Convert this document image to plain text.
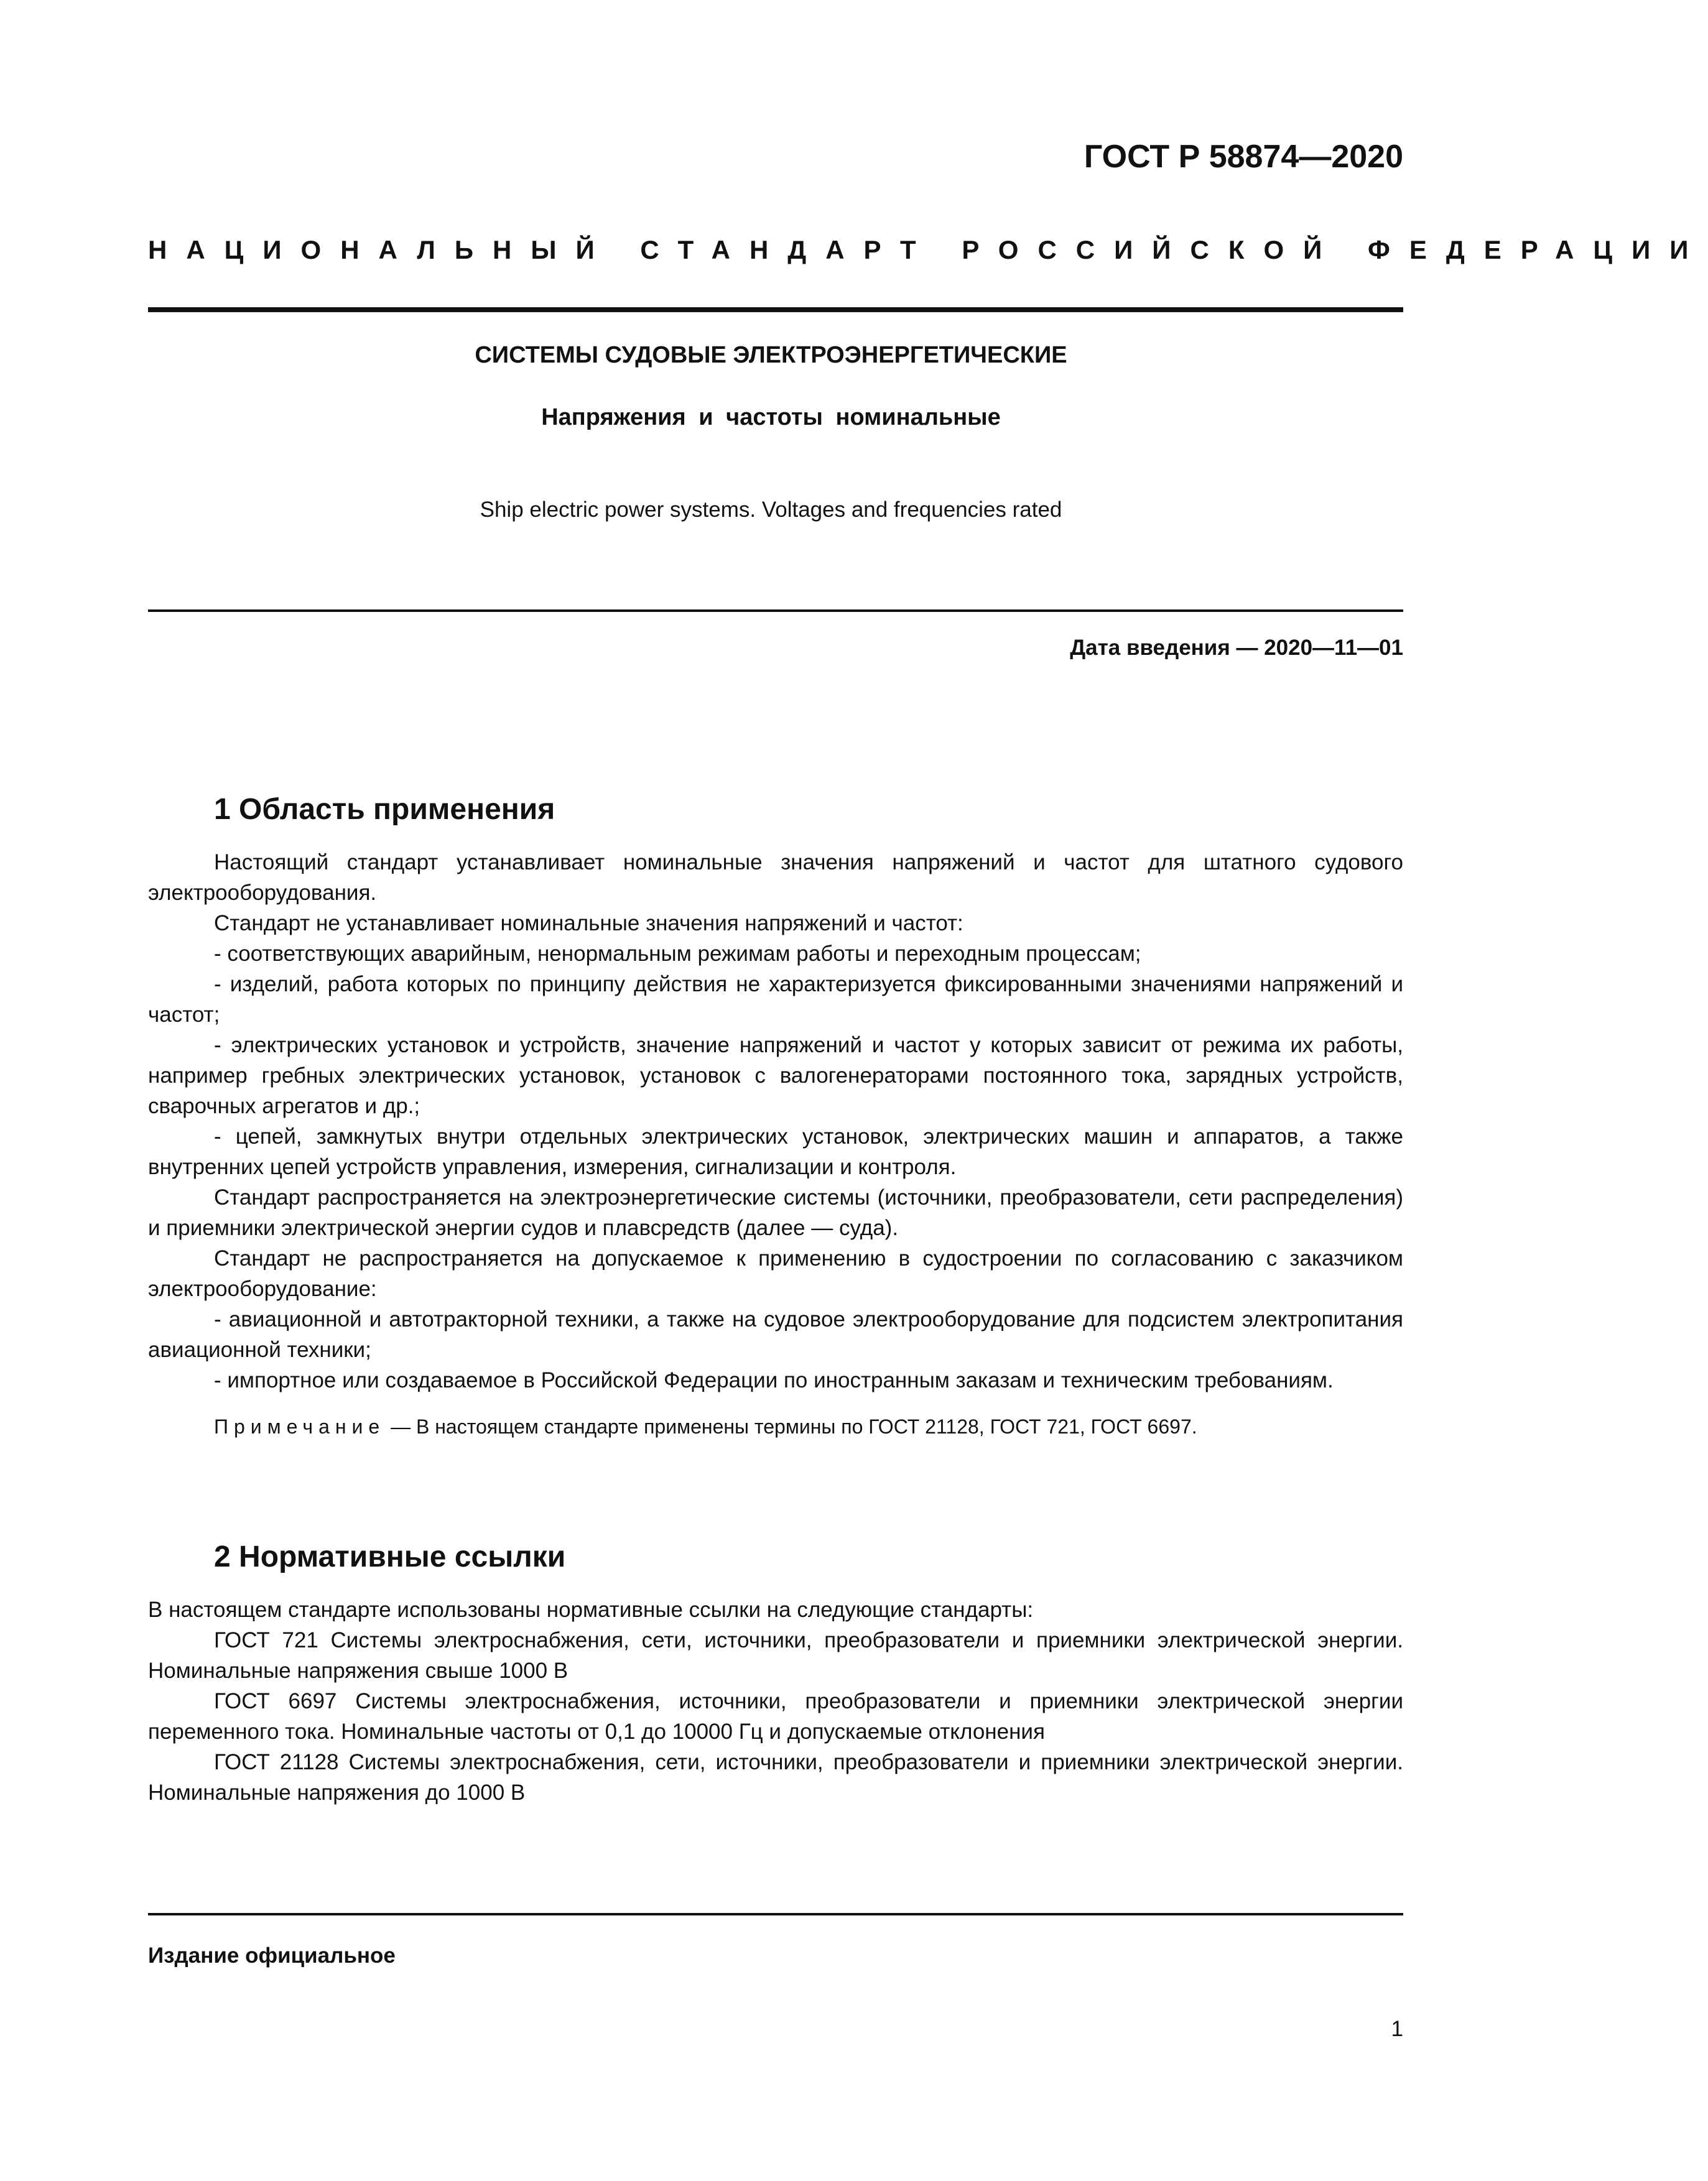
ГОСТ Р 58874—2020
НАЦИОНАЛЬНЫЙ СТАНДАРТ РОССИЙСКОЙ ФЕДЕРАЦИИ
СИСТЕМЫ СУДОВЫЕ ЭЛЕКТРОЭНЕРГЕТИЧЕСКИЕ
Напряжения и частоты номинальные
Ship electric power systems. Voltages and frequencies rated
Дата введения — 2020—11—01
1 Область применения

Настоящий стандарт устанавливает номинальные значения напряжений и частот для штатного судового электрооборудования.

Стандарт не устанавливает номинальные значения напряжений и частот:

- соответствующих аварийным, ненормальным режимам работы и переходным процессам;

- изделий, работа которых по принципу действия не характеризуется фиксированными значениями напряжений и частот;

- электрических установок и устройств, значение напряжений и частот у которых зависит от режима их работы, например гребных электрических установок, установок с валогенераторами постоянного тока, зарядных устройств, сварочных агрегатов и др.;

- цепей, замкнутых внутри отдельных электрических установок, электрических машин и аппаратов, а также внутренних цепей устройств управления, измерения, сигнализации и контроля.

Стандарт распространяется на электроэнергетические системы (источники, преобразователи, сети распределения) и приемники электрической энергии судов и плавсредств (далее — суда).

Стандарт не распространяется на допускаемое к применению в судостроении по согласованию с заказчиком электрооборудование:

- авиационной и автотракторной техники, а также на судовое электрооборудование для подсистем электропитания авиационной техники;

- импортное или создаваемое в Российской Федерации по иностранным заказам и техническим требованиям.

Примечание — В настоящем стандарте применены термины по ГОСТ 21128, ГОСТ 721, ГОСТ 6697.

2 Нормативные ссылки

В настоящем стандарте использованы нормативные ссылки на следующие стандарты:

ГОСТ 721 Системы электроснабжения, сети, источники, преобразователи и приемники электрической энергии. Номинальные напряжения свыше 1000 В

ГОСТ 6697 Системы электроснабжения, источники, преобразователи и приемники электрической энергии переменного тока. Номинальные частоты от 0,1 до 10000 Гц и допускаемые отклонения

ГОСТ 21128 Системы электроснабжения, сети, источники, преобразователи и приемники электрической энергии. Номинальные напряжения до 1000 В

Издание официальное
1
